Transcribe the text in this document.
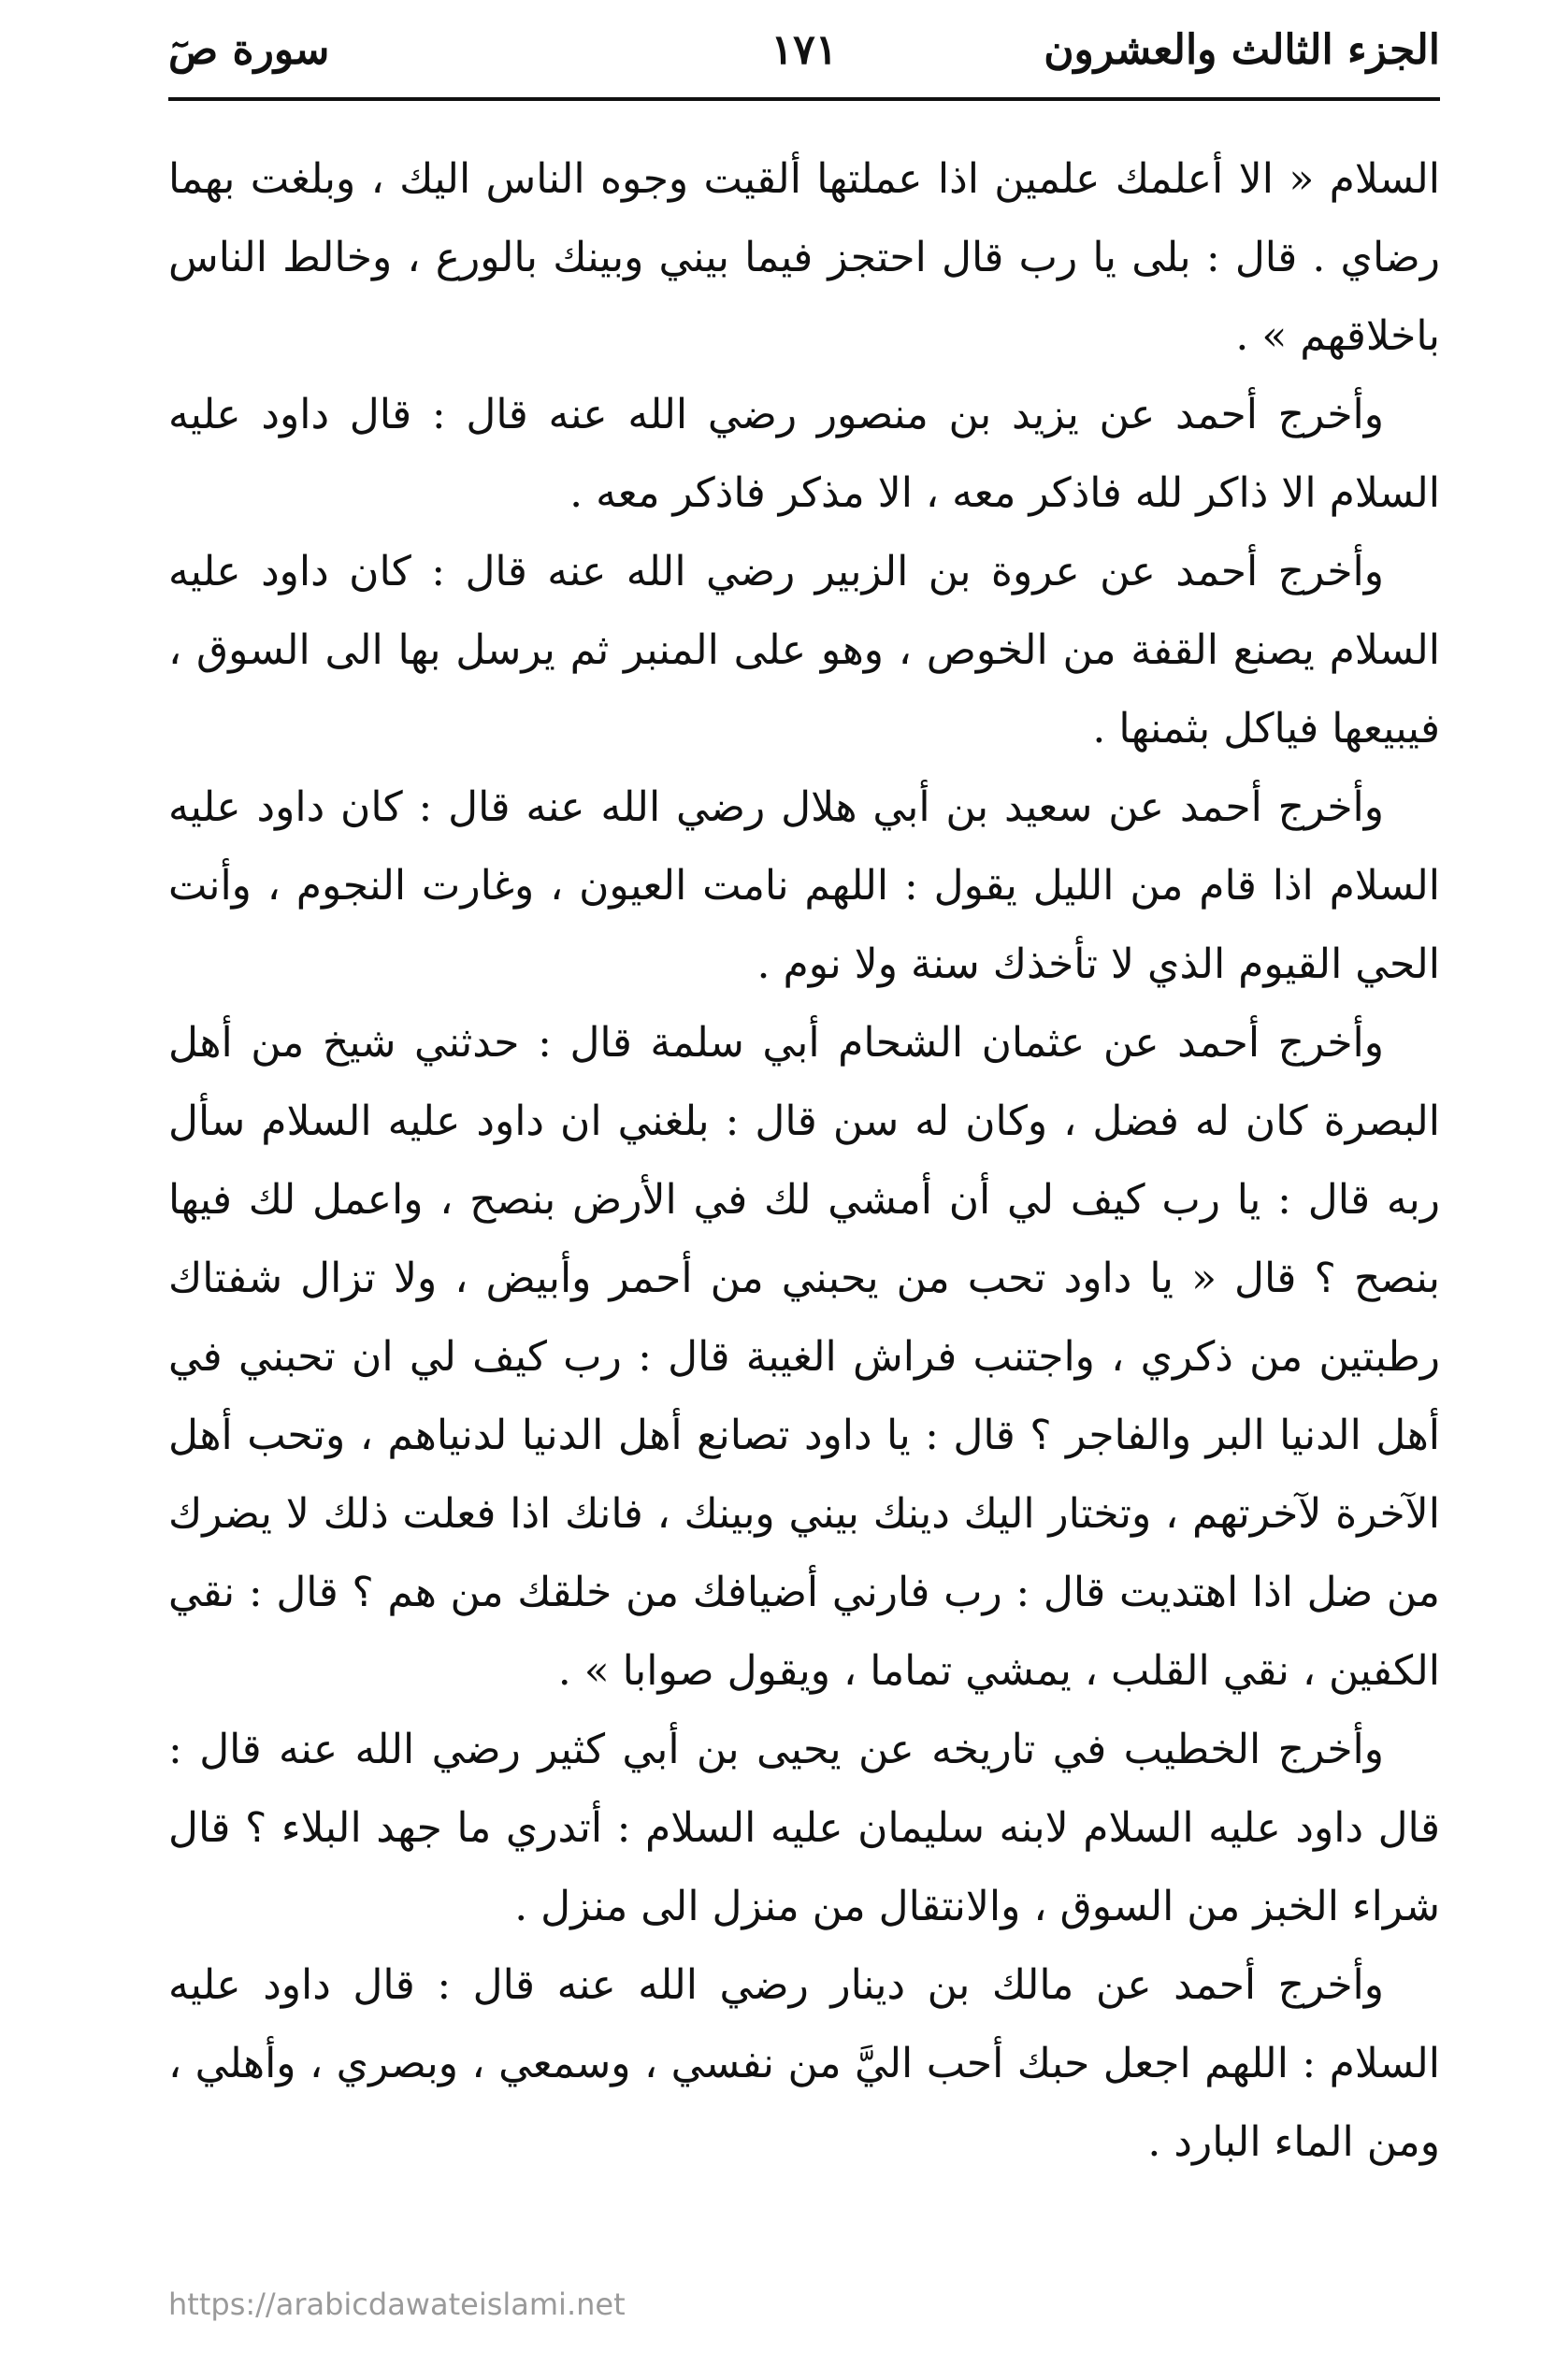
الجزء الثالث والعشرون
١٧١
سورة صٓ

السلام « الا أعلمك علمين اذا عملتها ألقيت وجوه الناس اليك ، وبلغت بهما رضاي . قال : بلى يا رب قال احتجز فيما بيني وبينك بالورع ، وخالط الناس باخلاقهم » .

وأخرج أحمد عن يزيد بن منصور رضي الله عنه قال : قال داود عليه السلام الا ذاكر لله فاذكر معه ، الا مذكر فاذكر معه .

وأخرج أحمد عن عروة بن الزبير رضي الله عنه قال : كان داود عليه السلام يصنع القفة من الخوص ، وهو على المنبر ثم يرسل بها الى السوق ، فيبيعها فياكل بثمنها .

وأخرج أحمد عن سعيد بن أبي هلال رضي الله عنه قال : كان داود عليه السلام اذا قام من الليل يقول : اللهم نامت العيون ، وغارت النجوم ، وأنت الحي القيوم الذي لا تأخذك سنة ولا نوم .

وأخرج أحمد عن عثمان الشحام أبي سلمة قال : حدثني شيخ من أهل البصرة كان له فضل ، وكان له سن قال : بلغني ان داود عليه السلام سأل ربه قال : يا رب كيف لي أن أمشي لك في الأرض بنصح ، واعمل لك فيها بنصح ؟ قال « يا داود تحب من يحبني من أحمر وأبيض ، ولا تزال شفتاك رطبتين من ذكري ، واجتنب فراش الغيبة قال : رب كيف لي ان تحبني في أهل الدنيا البر والفاجر ؟ قال : يا داود تصانع أهل الدنيا لدنياهم ، وتحب أهل الآخرة لآخرتهم ، وتختار اليك دينك بيني وبينك ، فانك اذا فعلت ذلك لا يضرك من ضل اذا اهتديت قال : رب فارني أضيافك من خلقك من هم ؟ قال : نقي الكفين ، نقي القلب ، يمشي تماما ، ويقول صوابا » .

وأخرج الخطيب في تاريخه عن يحيى بن أبي كثير رضي الله عنه قال : قال داود عليه السلام لابنه سليمان عليه السلام : أتدري ما جهد البلاء ؟ قال شراء الخبز من السوق ، والانتقال من منزل الى منزل .

وأخرج أحمد عن مالك بن دينار رضي الله عنه قال : قال داود عليه السلام : اللهم اجعل حبك أحب اليَّ من نفسي ، وسمعي ، وبصري ، وأهلي ، ومن الماء البارد .

https://arabicdawateislami.net
